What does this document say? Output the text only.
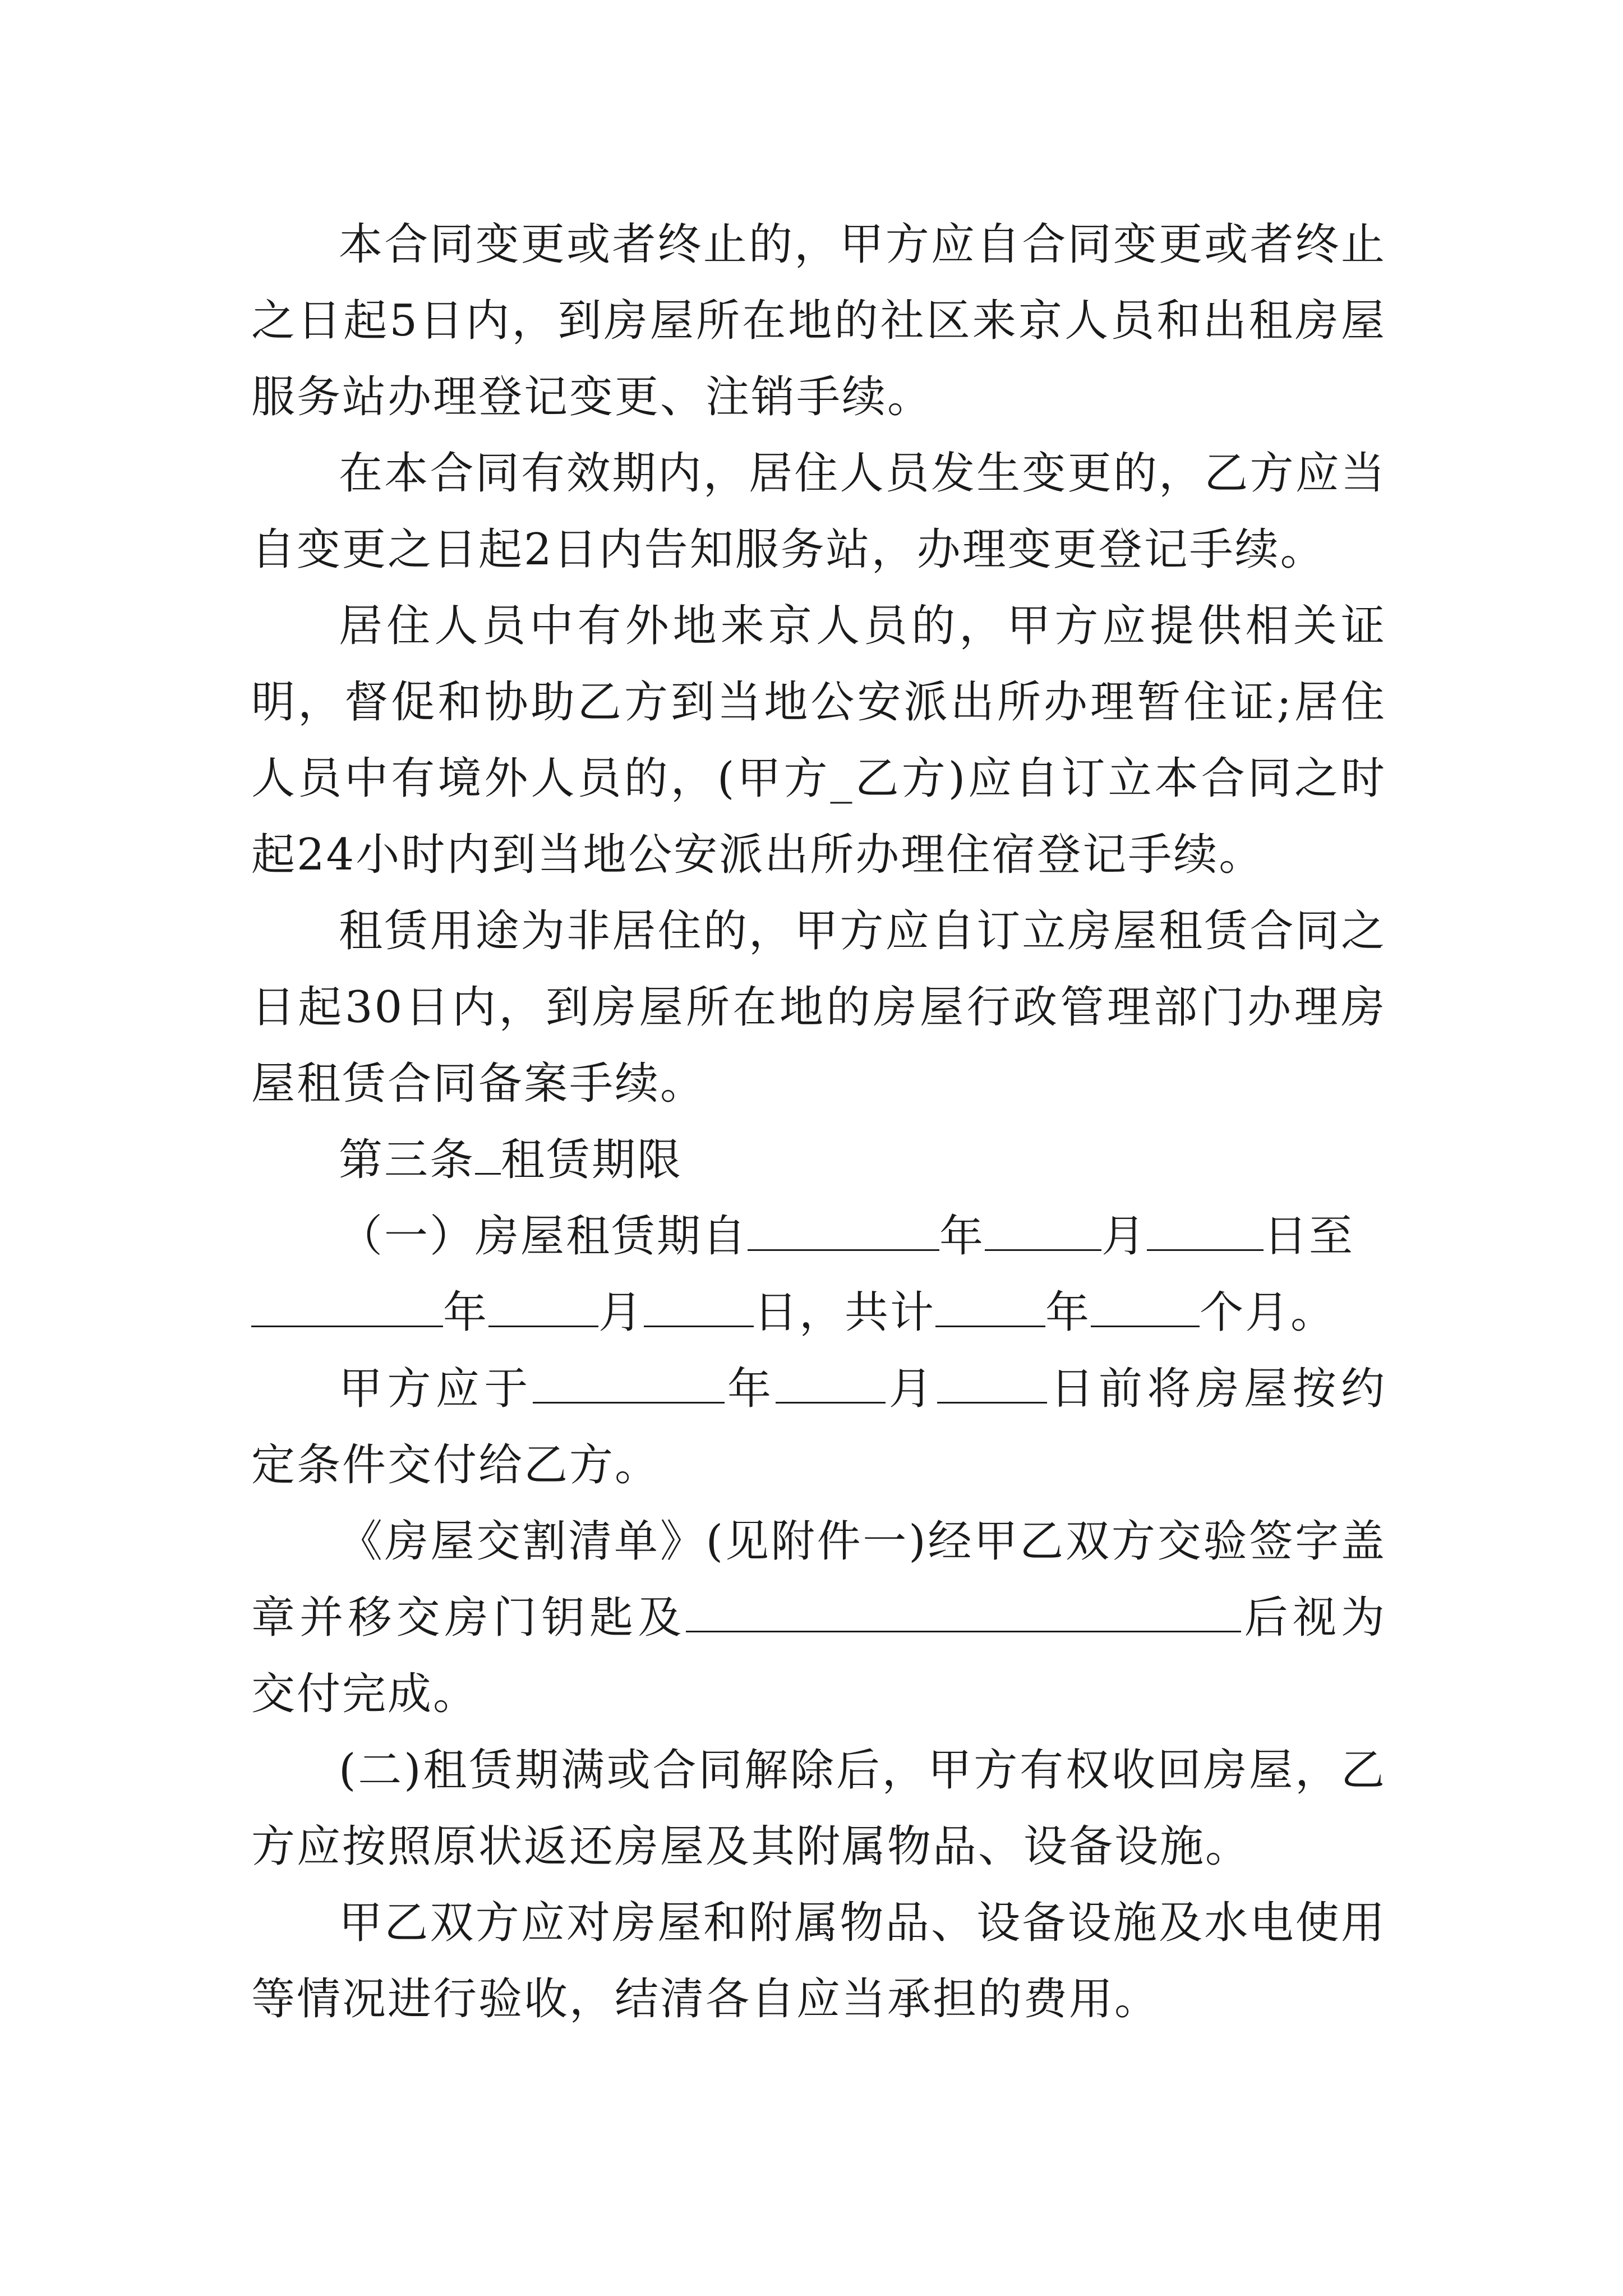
本合同变更或者终止的，甲方应自合同变更或者终止之日起5日内，到房屋所在地的社区来京人员和出租房屋服务站办理登记变更、注销手续。

在本合同有效期内，居住人员发生变更的，乙方应当自变更之日起2日内告知服务站，办理变更登记手续。

居住人员中有外地来京人员的，甲方应提供相关证明，督促和协助乙方到当地公安派出所办理暂住证;居住人员中有境外人员的，(甲方_乙方)应自订立本合同之时起24小时内到当地公安派出所办理住宿登记手续。

租赁用途为非居住的，甲方应自订立房屋租赁合同之日起30日内，到房屋所在地的房屋行政管理部门办理房屋租赁合同备案手续。

第三条 租赁期限

（一）房屋租赁期自	年	月	日至
年	月	日，共计	年 个月。

甲方应于	年	月	日前将房屋按约定条件交付给乙方。

《房屋交割清单》(见附件一)经甲乙双方交验签字盖章并移交房门钥匙及	后视为交付完成。

(二)租赁期满或合同解除后，甲方有权收回房屋，乙方应按照原状返还房屋及其附属物品、设备设施。

甲乙双方应对房屋和附属物品、设备设施及水电使用等情况进行验收，结清各自应当承担的费用。
